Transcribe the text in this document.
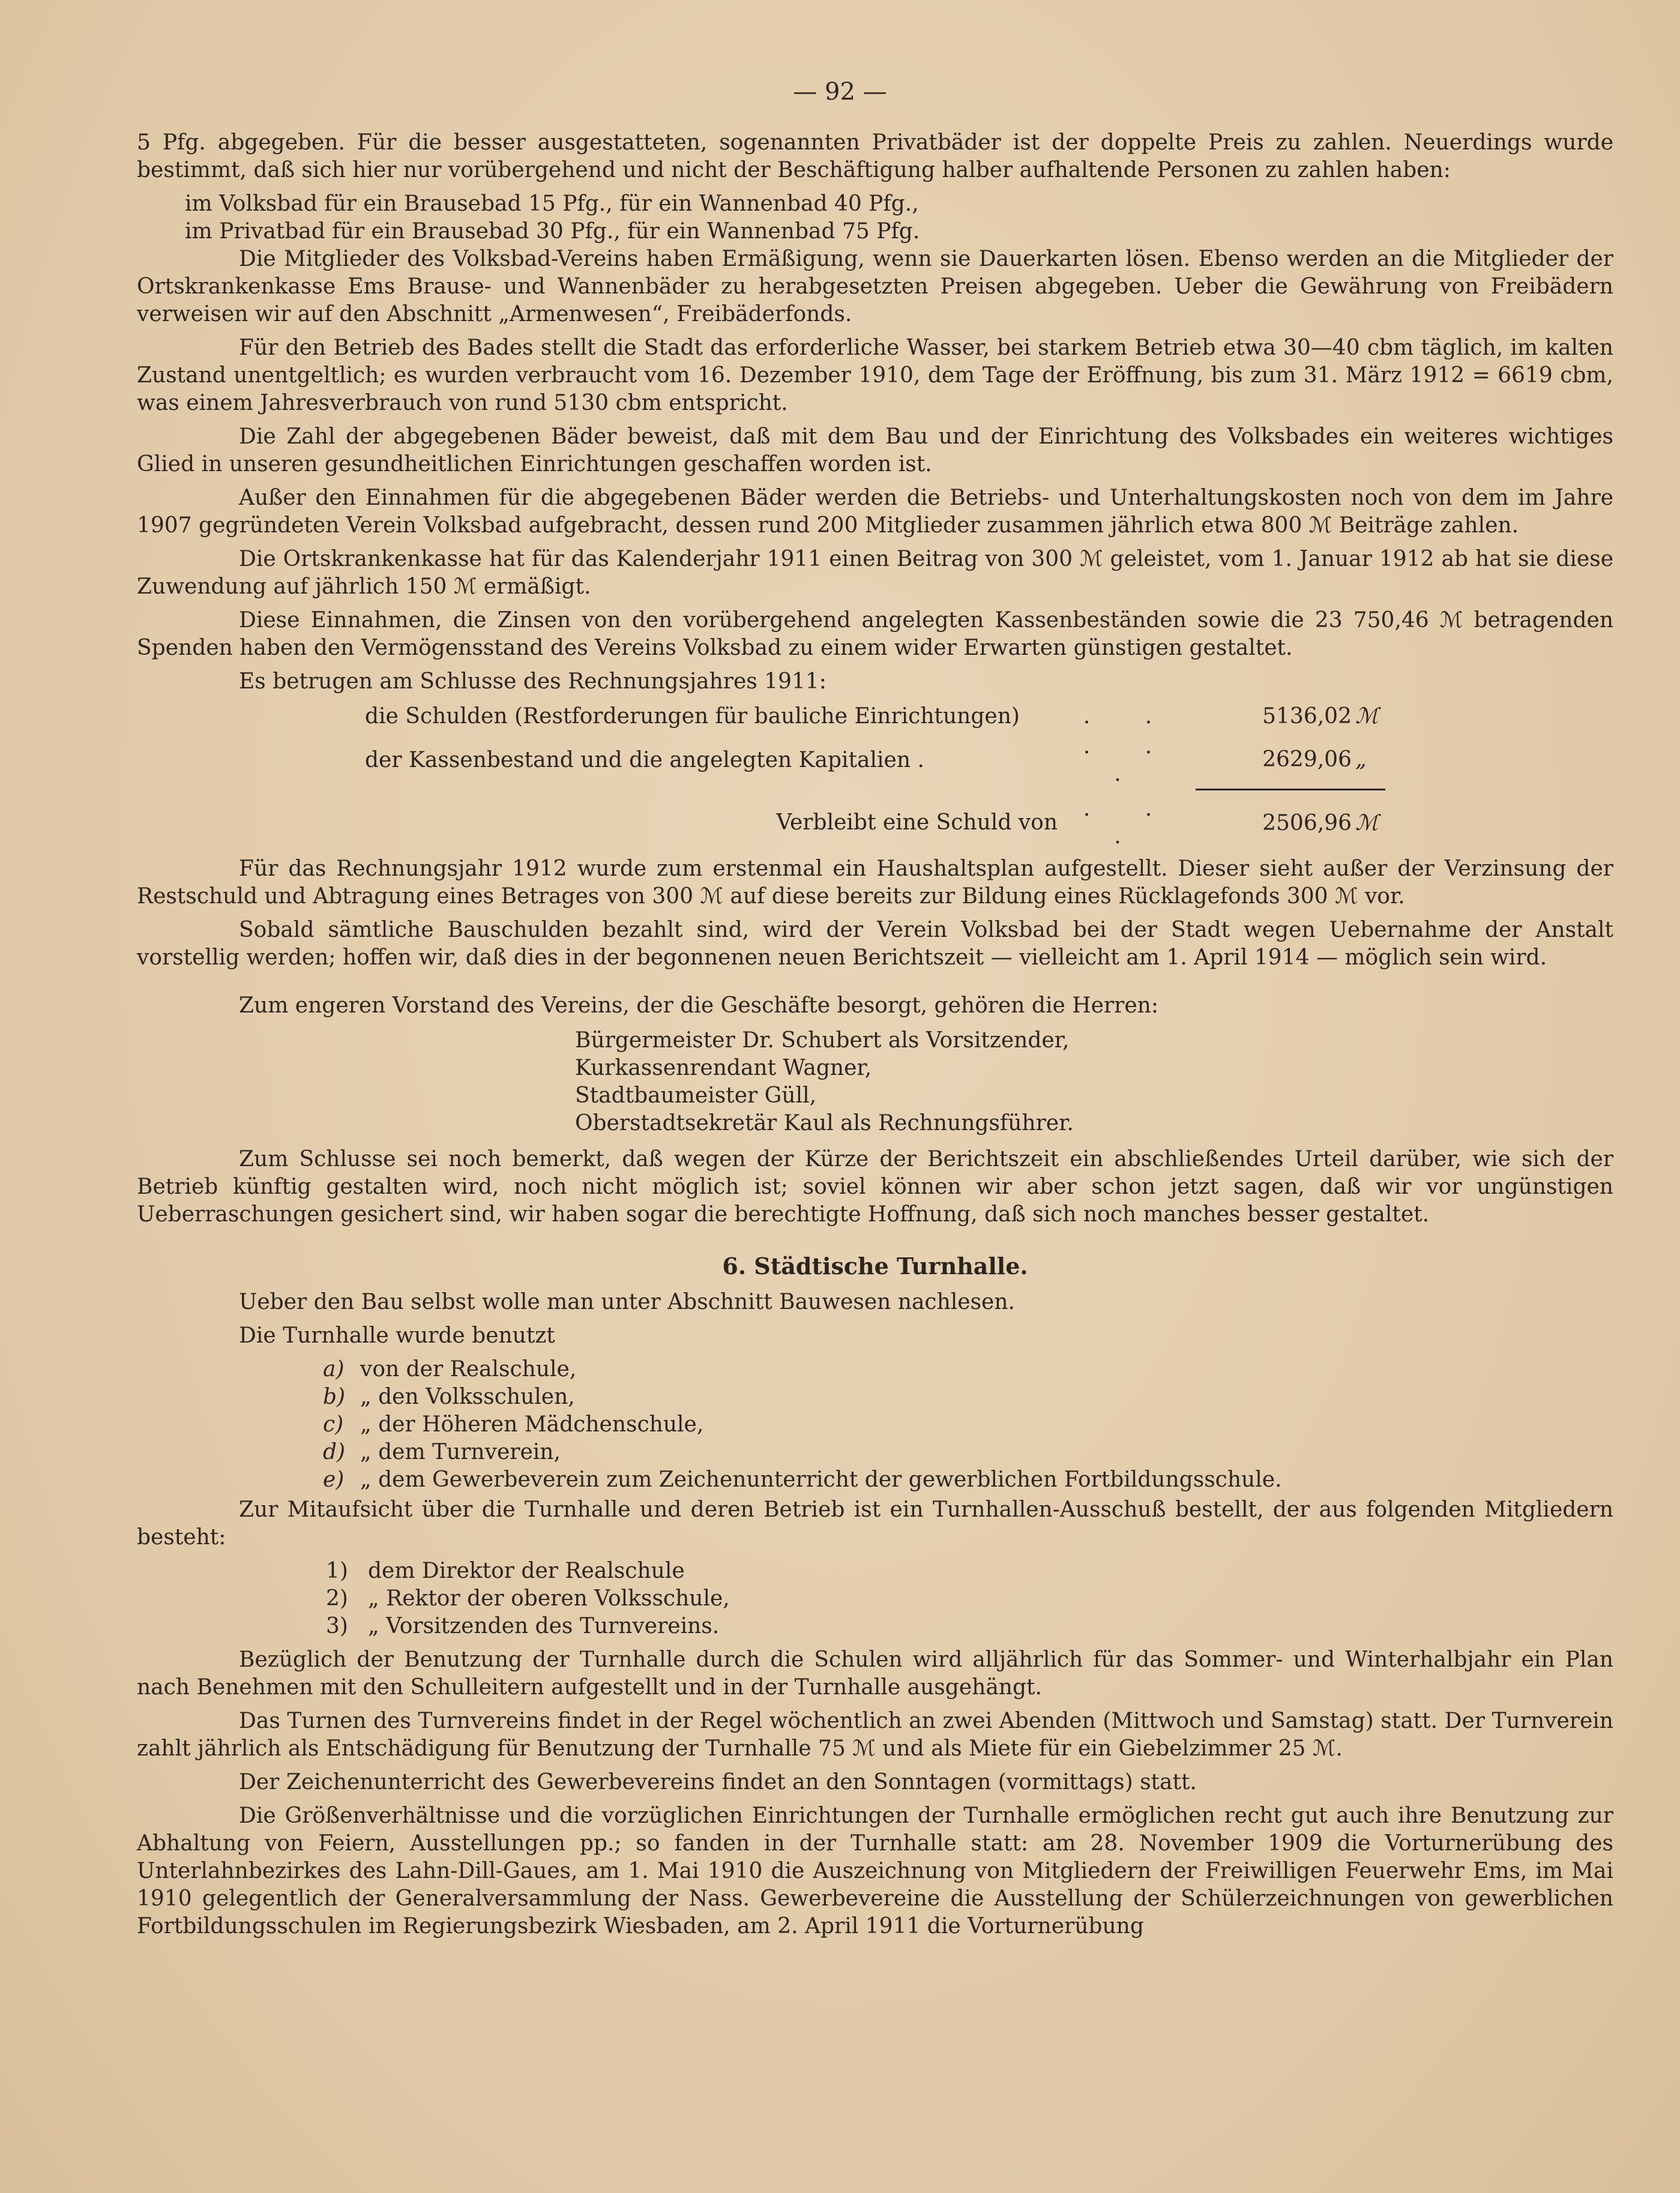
— 92 —

5 Pfg. abgegeben. Für die besser ausgestatteten, sogenannten Privatbäder ist der doppelte Preis zu zahlen. Neuerdings wurde bestimmt, daß sich hier nur vorübergehend und nicht der Beschäftigung halber aufhaltende Personen zu zahlen haben:

im Volksbad für ein Brausebad 15 Pfg., für ein Wannenbad 40 Pfg.,

im Privatbad für ein Brausebad 30 Pfg., für ein Wannenbad 75 Pfg.

Die Mitglieder des Volksbad-Vereins haben Ermäßigung, wenn sie Dauerkarten lösen. Ebenso werden an die Mitglieder der Ortskrankenkasse Ems Brause- und Wannenbäder zu herabgesetzten Preisen abgegeben. Ueber die Gewährung von Freibädern verweisen wir auf den Abschnitt „Armenwesen“, Freibäderfonds.

Für den Betrieb des Bades stellt die Stadt das erforderliche Wasser, bei starkem Betrieb etwa 30—40 cbm täglich, im kalten Zustand unentgeltlich; es wurden verbraucht vom 16. Dezember 1910, dem Tage der Eröffnung, bis zum 31. März 1912 = 6619 cbm, was einem Jahresverbrauch von rund 5130 cbm entspricht.

Die Zahl der abgegebenen Bäder beweist, daß mit dem Bau und der Einrichtung des Volksbades ein weiteres wichtiges Glied in unseren gesundheitlichen Einrichtungen geschaffen worden ist.

Außer den Einnahmen für die abgegebenen Bäder werden die Betriebs- und Unterhaltungskosten noch von dem im Jahre 1907 gegründeten Verein Volksbad aufgebracht, dessen rund 200 Mitglieder zusammen jährlich etwa 800 ℳ Beiträge zahlen.

Die Ortskrankenkasse hat für das Kalenderjahr 1911 einen Beitrag von 300 ℳ geleistet, vom 1. Januar 1912 ab hat sie diese Zuwendung auf jährlich 150 ℳ ermäßigt.

Diese Einnahmen, die Zinsen von den vorübergehend angelegten Kassenbeständen sowie die 23 750,46 ℳ betragenden Spenden haben den Vermögensstand des Vereins Volksbad zu einem wider Erwarten günstigen gestaltet.

Es betrugen am Schlusse des Rechnungsjahres 1911:

die Schulden (Restforderungen für bauliche Einrichtungen)	. .	5136,02	ℳ
der Kassenbestand und die angelegten Kapitalien .	. . .	2629,06	„
Verbleibt eine Schuld von	. . .	2506,96	ℳ

Für das Rechnungsjahr 1912 wurde zum erstenmal ein Haushaltsplan aufgestellt. Dieser sieht außer der Verzinsung der Restschuld und Abtragung eines Betrages von 300 ℳ auf diese bereits zur Bildung eines Rücklagefonds 300 ℳ vor.

Sobald sämtliche Bauschulden bezahlt sind, wird der Verein Volksbad bei der Stadt wegen Uebernahme der Anstalt vorstellig werden; hoffen wir, daß dies in der begonnenen neuen Berichtszeit — vielleicht am 1. April 1914 — möglich sein wird.

Zum engeren Vorstand des Vereins, der die Geschäfte besorgt, gehören die Herren:

Bürgermeister Dr. Schubert als Vorsitzender,
Kurkassenrendant Wagner,
Stadtbaumeister Güll,
Oberstadtsekretär Kaul als Rechnungsführer.

Zum Schlusse sei noch bemerkt, daß wegen der Kürze der Berichtszeit ein abschließendes Urteil darüber, wie sich der Betrieb künftig gestalten wird, noch nicht möglich ist; soviel können wir aber schon jetzt sagen, daß wir vor ungünstigen Ueberraschungen gesichert sind, wir haben sogar die berechtigte Hoffnung, daß sich noch manches besser gestaltet.

6. Städtische Turnhalle.

Ueber den Bau selbst wolle man unter Abschnitt Bauwesen nachlesen.

Die Turnhalle wurde benutzt

a) von der Realschule,
b) „ den Volksschulen,
c) „ der Höheren Mädchenschule,
d) „ dem Turnverein,
e) „ dem Gewerbeverein zum Zeichenunterricht der gewerblichen Fortbildungsschule.

Zur Mitaufsicht über die Turnhalle und deren Betrieb ist ein Turnhallen-Ausschuß bestellt, der aus folgenden Mitgliedern besteht:

1) dem Direktor der Realschule
2) „ Rektor der oberen Volksschule,
3) „ Vorsitzenden des Turnvereins.

Bezüglich der Benutzung der Turnhalle durch die Schulen wird alljährlich für das Sommer- und Winterhalbjahr ein Plan nach Benehmen mit den Schulleitern aufgestellt und in der Turnhalle ausgehängt.

Das Turnen des Turnvereins findet in der Regel wöchentlich an zwei Abenden (Mittwoch und Samstag) statt. Der Turnverein zahlt jährlich als Entschädigung für Benutzung der Turnhalle 75 ℳ und als Miete für ein Giebelzimmer 25 ℳ.

Der Zeichenunterricht des Gewerbevereins findet an den Sonntagen (vormittags) statt.

Die Größenverhältnisse und die vorzüglichen Einrichtungen der Turnhalle ermöglichen recht gut auch ihre Benutzung zur Abhaltung von Feiern, Ausstellungen pp.; so fanden in der Turnhalle statt: am 28. November 1909 die Vorturnerübung des Unterlahnbezirkes des Lahn-Dill-Gaues, am 1. Mai 1910 die Auszeichnung von Mitgliedern der Freiwilligen Feuerwehr Ems, im Mai 1910 gelegentlich der Generalversammlung der Nass. Gewerbevereine die Ausstellung der Schülerzeichnungen von gewerblichen Fortbildungsschulen im Regierungsbezirk Wiesbaden, am 2. April 1911 die Vorturnerübung
